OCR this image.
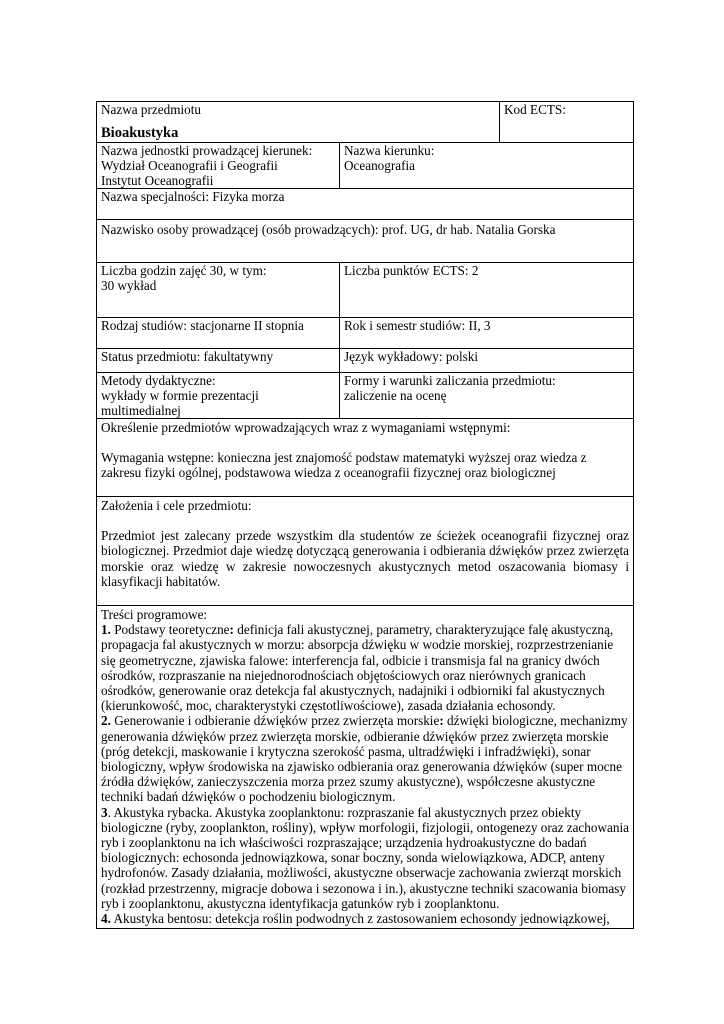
Nazwa przedmiotu
Bioakustyka
Kod ECTS:
Nazwa jednostki prowadzącej kierunek:
Wydział Oceanografii i Geografii
Instytut Oceanografii
Nazwa kierunku:
Oceanografia
Nazwa specjalności: Fizyka morza
Nazwisko osoby prowadzącej (osób prowadzących): prof. UG, dr hab. Natalia Gorska
Liczba godzin zajęć 30, w tym:
30 wykład
Liczba punktów ECTS: 2
Rodzaj studiów: stacjonarne II stopnia	Rok i semestr studiów: II, 3
Status przedmiotu: fakultatywny	Język wykładowy: polski
Metody dydaktyczne:
wykłady w formie prezentacji
multimedialnej
Formy i warunki zaliczania przedmiotu:
zaliczenie na ocenę

Określenie przedmiotów wprowadzających wraz z wymaganiami wstępnymi:

Wymagania wstępne: konieczna jest znajomość podstaw matematyki wyższej oraz wiedza z zakresu fizyki ogólnej, podstawowa wiedza z oceanografii fizycznej oraz biologicznej

Założenia i cele przedmiotu:

Przedmiot jest zalecany przede wszystkim dla studentów ze ścieżek oceanografii fizycznej oraz biologicznej. Przedmiot daje wiedzę dotyczącą generowania i odbierania dźwięków przez zwierzęta morskie oraz wiedzę w zakresie nowoczesnych akustycznych metod oszacowania biomasy i klasyfikacji habitatów.

Treści programowe:

1. Podstawy teoretyczne: definicja fali akustycznej, parametry, charakteryzujące falę akustyczną, propagacja fal akustycznych w morzu: absorpcja dźwięku w wodzie morskiej, rozprzestrzenianie się geometryczne, zjawiska falowe: interferencja fal, odbicie i transmisja fal na granicy dwóch ośrodków, rozpraszanie na niejednorodnościach objętościowych oraz nierównych granicach ośrodków, generowanie oraz detekcja fal akustycznych, nadajniki i odbiorniki fal akustycznych (kierunkowość, moc, charakterystyki częstotliwościowe), zasada działania echosondy.

2. Generowanie i odbieranie dźwięków przez zwierzęta morskie: dźwięki biologiczne, mechanizmy generowania dźwięków przez zwierzęta morskie, odbieranie dźwięków przez zwierzęta morskie (próg detekcji, maskowanie i krytyczna szerokość pasma, ultradźwięki i infradźwięki), sonar biologiczny, wpływ środowiska na zjawisko odbierania oraz generowania dźwięków (super mocne źródła dźwięków, zanieczyszczenia morza przez szumy akustyczne), współczesne akustyczne techniki badań dźwięków o pochodzeniu biologicznym.

3. Akustyka rybacka. Akustyka zooplanktonu: rozpraszanie fal akustycznych przez obiekty biologiczne (ryby, zooplankton, rośliny), wpływ morfologii, fizjologii, ontogenezy oraz zachowania ryb i zooplanktonu na ich właściwości rozpraszające; urządzenia hydroakustyczne do badań biologicznych: echosonda jednowiązkowa, sonar boczny, sonda wielowiązkowa, ADCP, anteny hydrofonów. Zasady działania, możliwości, akustyczne obserwacje zachowania zwierząt morskich (rozkład przestrzenny, migracje dobowa i sezonowa i in.), akustyczne techniki szacowania biomasy ryb i zooplanktonu, akustyczna identyfikacja gatunków ryb i zooplanktonu.

4. Akustyka bentosu: detekcja roślin podwodnych z zastosowaniem echosondy jednowiązkowej,
